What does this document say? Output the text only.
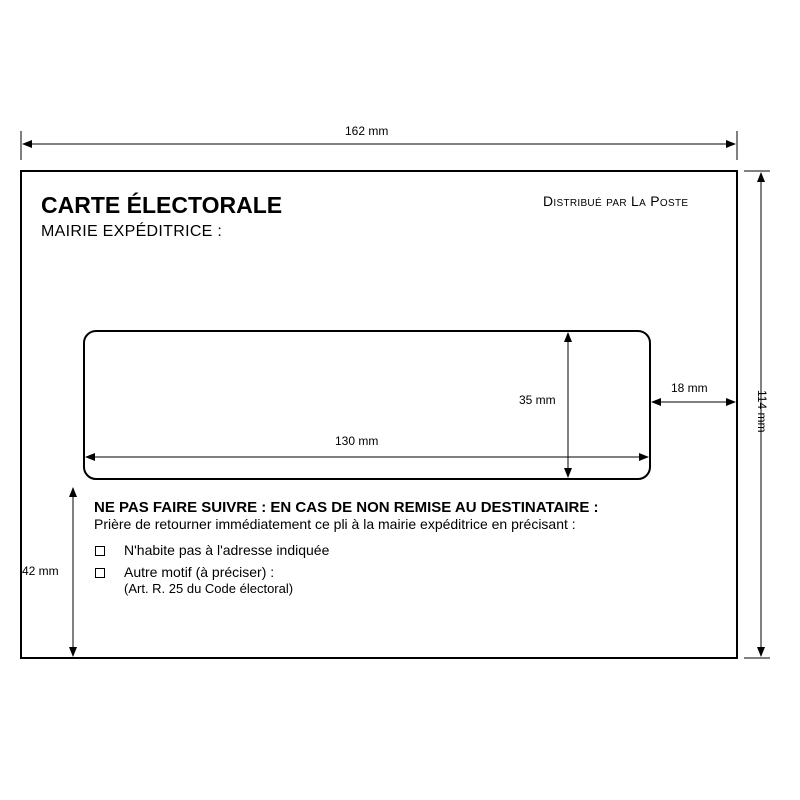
CARTE ÉLECTORALE
MAIRIE EXPÉDITRICE :
Distribué par La Poste
NE PAS FAIRE SUIVRE : EN CAS DE NON REMISE AU DESTINATAIRE :
Prière de retourner immédiatement ce pli à la mairie expéditrice en précisant :
N'habite pas à l'adresse indiquée
Autre motif (à préciser) :
(Art. R. 25 du Code électoral)
162 mm
114 mm
35 mm
130 mm
18 mm
42 mm
